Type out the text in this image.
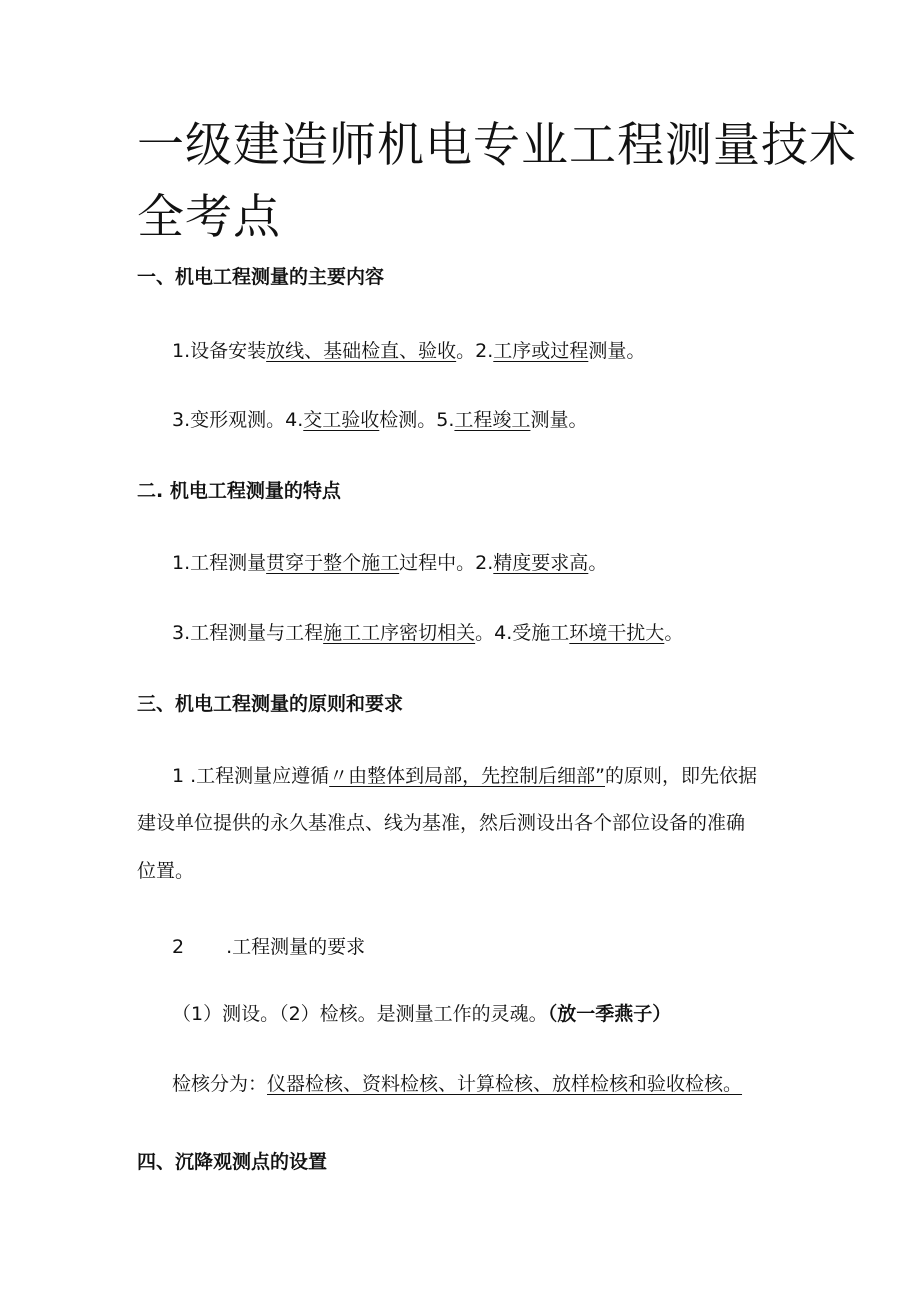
一级建造师机电专业工程测量技术
全考点
一、机电工程测量的主要内容

1.设备安装放线、基础检直、验收。2.工序或过程测量。

3.变形观测。4.交工验收检测。5.工程竣工测量。

二. 机电工程测量的特点

1.工程测量贯穿于整个施工过程中。2.精度要求高。

3.工程测量与工程施工工序密切相关。4.受施工环境干扰大。

三、机电工程测量的原则和要求

1 .工程测量应遵循〃由整体到局部，先控制后细部”的原则，即先依据

建设单位提供的永久基准点、线为基准，然后测设出各个部位设备的准确

位置。

2 .工程测量的要求

（1）测设。（2）检核。是测量工作的灵魂。（放一季燕子）

检核分为：仪器检核、资料检核、计算检核、放样检核和验收检核。

四、沉降观测点的设置
